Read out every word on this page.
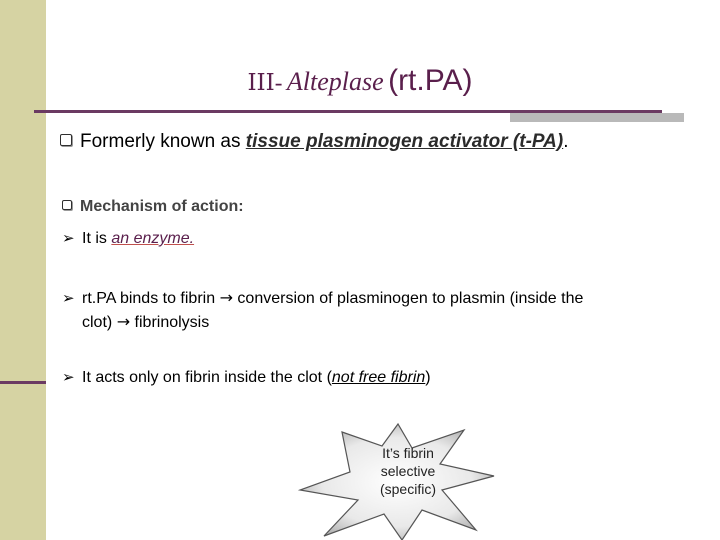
III- Alteplase (rt.PA)
Formerly known as tissue plasminogen activator (t-PA).
Mechanism of action:
➢ It is an enzyme.
➢ rt.PA binds to fibrin → conversion of plasminogen to plasmin (inside the
clot) → fibrinolysis
➢ It acts only on fibrin inside the clot (not free fibrin)
It’s fibrin
selective
(specific)
